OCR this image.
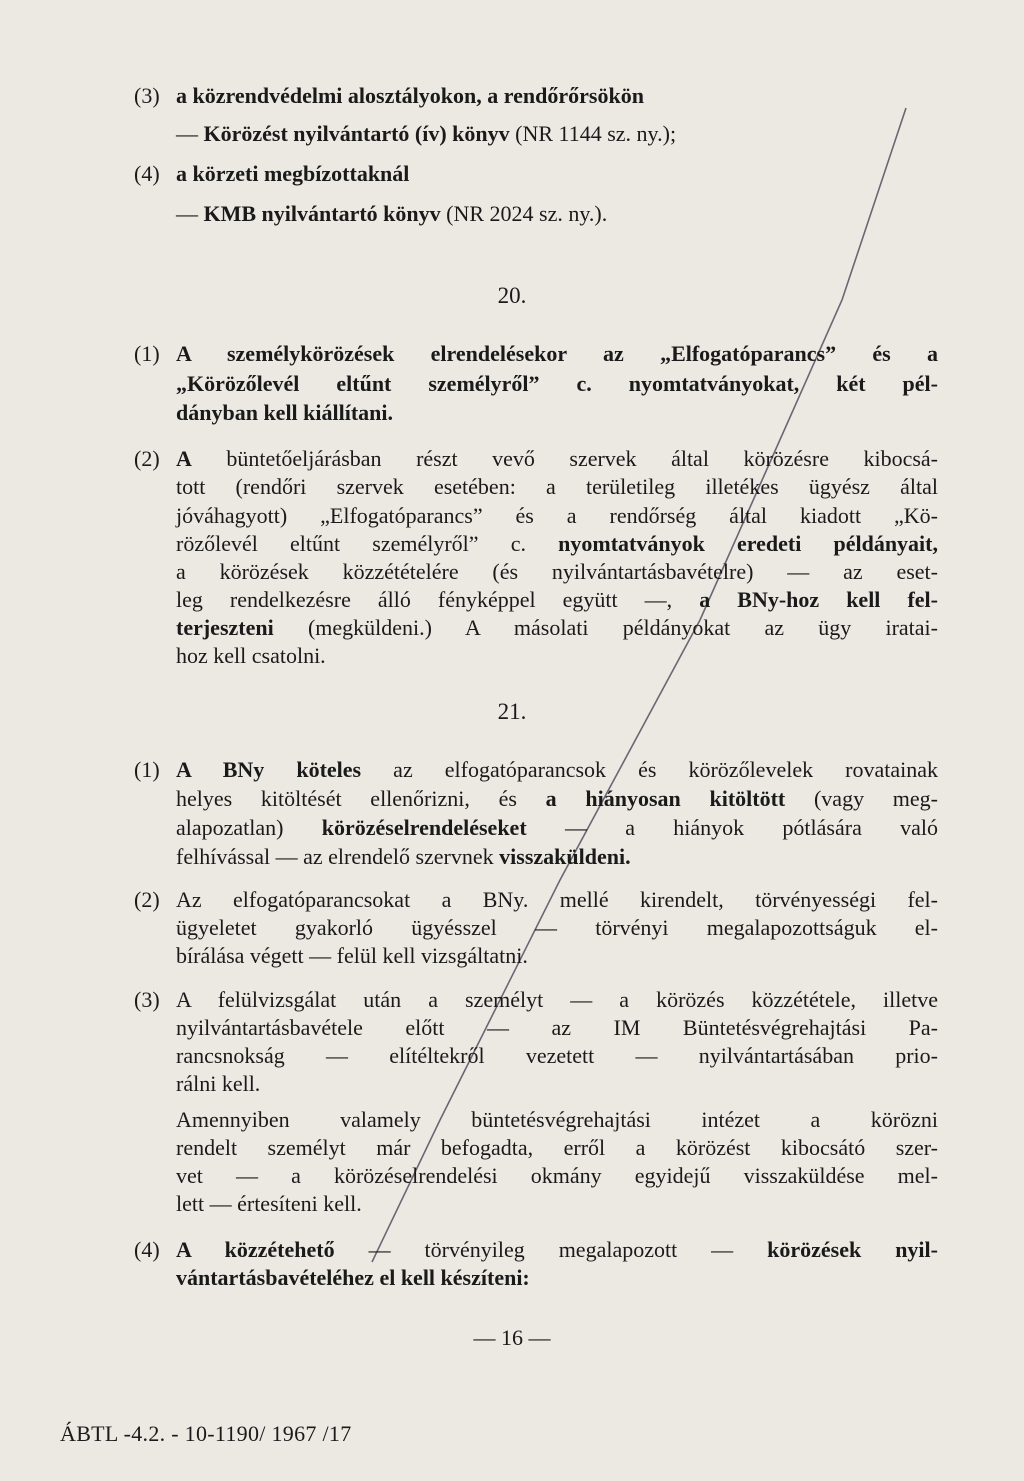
(3) a közrendvédelmi alosztályokon, a rendőrőrsökön
— Körözést nyilvántartó (ív) könyv (NR 1144 sz. ny.);
(4) a körzeti megbízottaknál
— KMB nyilvántartó könyv (NR 2024 sz. ny.).
20.
(1) A személykörözések elrendelésekor az „Elfogatóparancs” és a
„Körözőlevél eltűnt személyről” c. nyomtatványokat, két pél-
dányban kell kiállítani.
(2) A büntetőeljárásban részt vevő szervek által körözésre kibocsá-
tott (rendőri szervek esetében: a területileg illetékes ügyész által
jóváhagyott) „Elfogatóparancs” és a rendőrség által kiadott „Kö-
rözőlevél eltűnt személyről” c. nyomtatványok eredeti példányait,
a körözések közzétételére (és nyilvántartásbavételre) — az eset-
leg rendelkezésre álló fényképpel együtt —, a BNy-hoz kell fel-
terjeszteni (megküldeni.) A másolati példányokat az ügy iratai-
hoz kell csatolni.
21.
(1) A BNy köteles az elfogatóparancsok és körözőlevelek rovatainak
helyes kitöltését ellenőrizni, és a hiányosan kitöltött (vagy meg-
alapozatlan) körözéselrendeléseket — a hiányok pótlására való
felhívással — az elrendelő szervnek visszaküldeni.
(2) Az elfogatóparancsokat a BNy. mellé kirendelt, törvényességi fel-
ügyeletet gyakorló ügyésszel — törvényi megalapozottságuk el-
bírálása végett — felül kell vizsgáltatni.
(3) A felülvizsgálat után a személyt — a körözés közzététele, illetve
nyilvántartásbavétele előtt — az IM Büntetésvégrehajtási Pa-
rancsnokság — elítéltekről vezetett — nyilvántartásában prio-
rálni kell.
Amennyiben valamely büntetésvégrehajtási intézet a körözni
rendelt személyt már befogadta, erről a körözést kibocsátó szer-
vet — a körözéselrendelési okmány egyidejű visszaküldése mel-
lett — értesíteni kell.
(4) A közzétehető — törvényileg megalapozott — körözések nyil-
vántartásbavételéhez el kell készíteni:
— 16 —
ÁBTL -4.2. - 10-1190/ 1967 /17
